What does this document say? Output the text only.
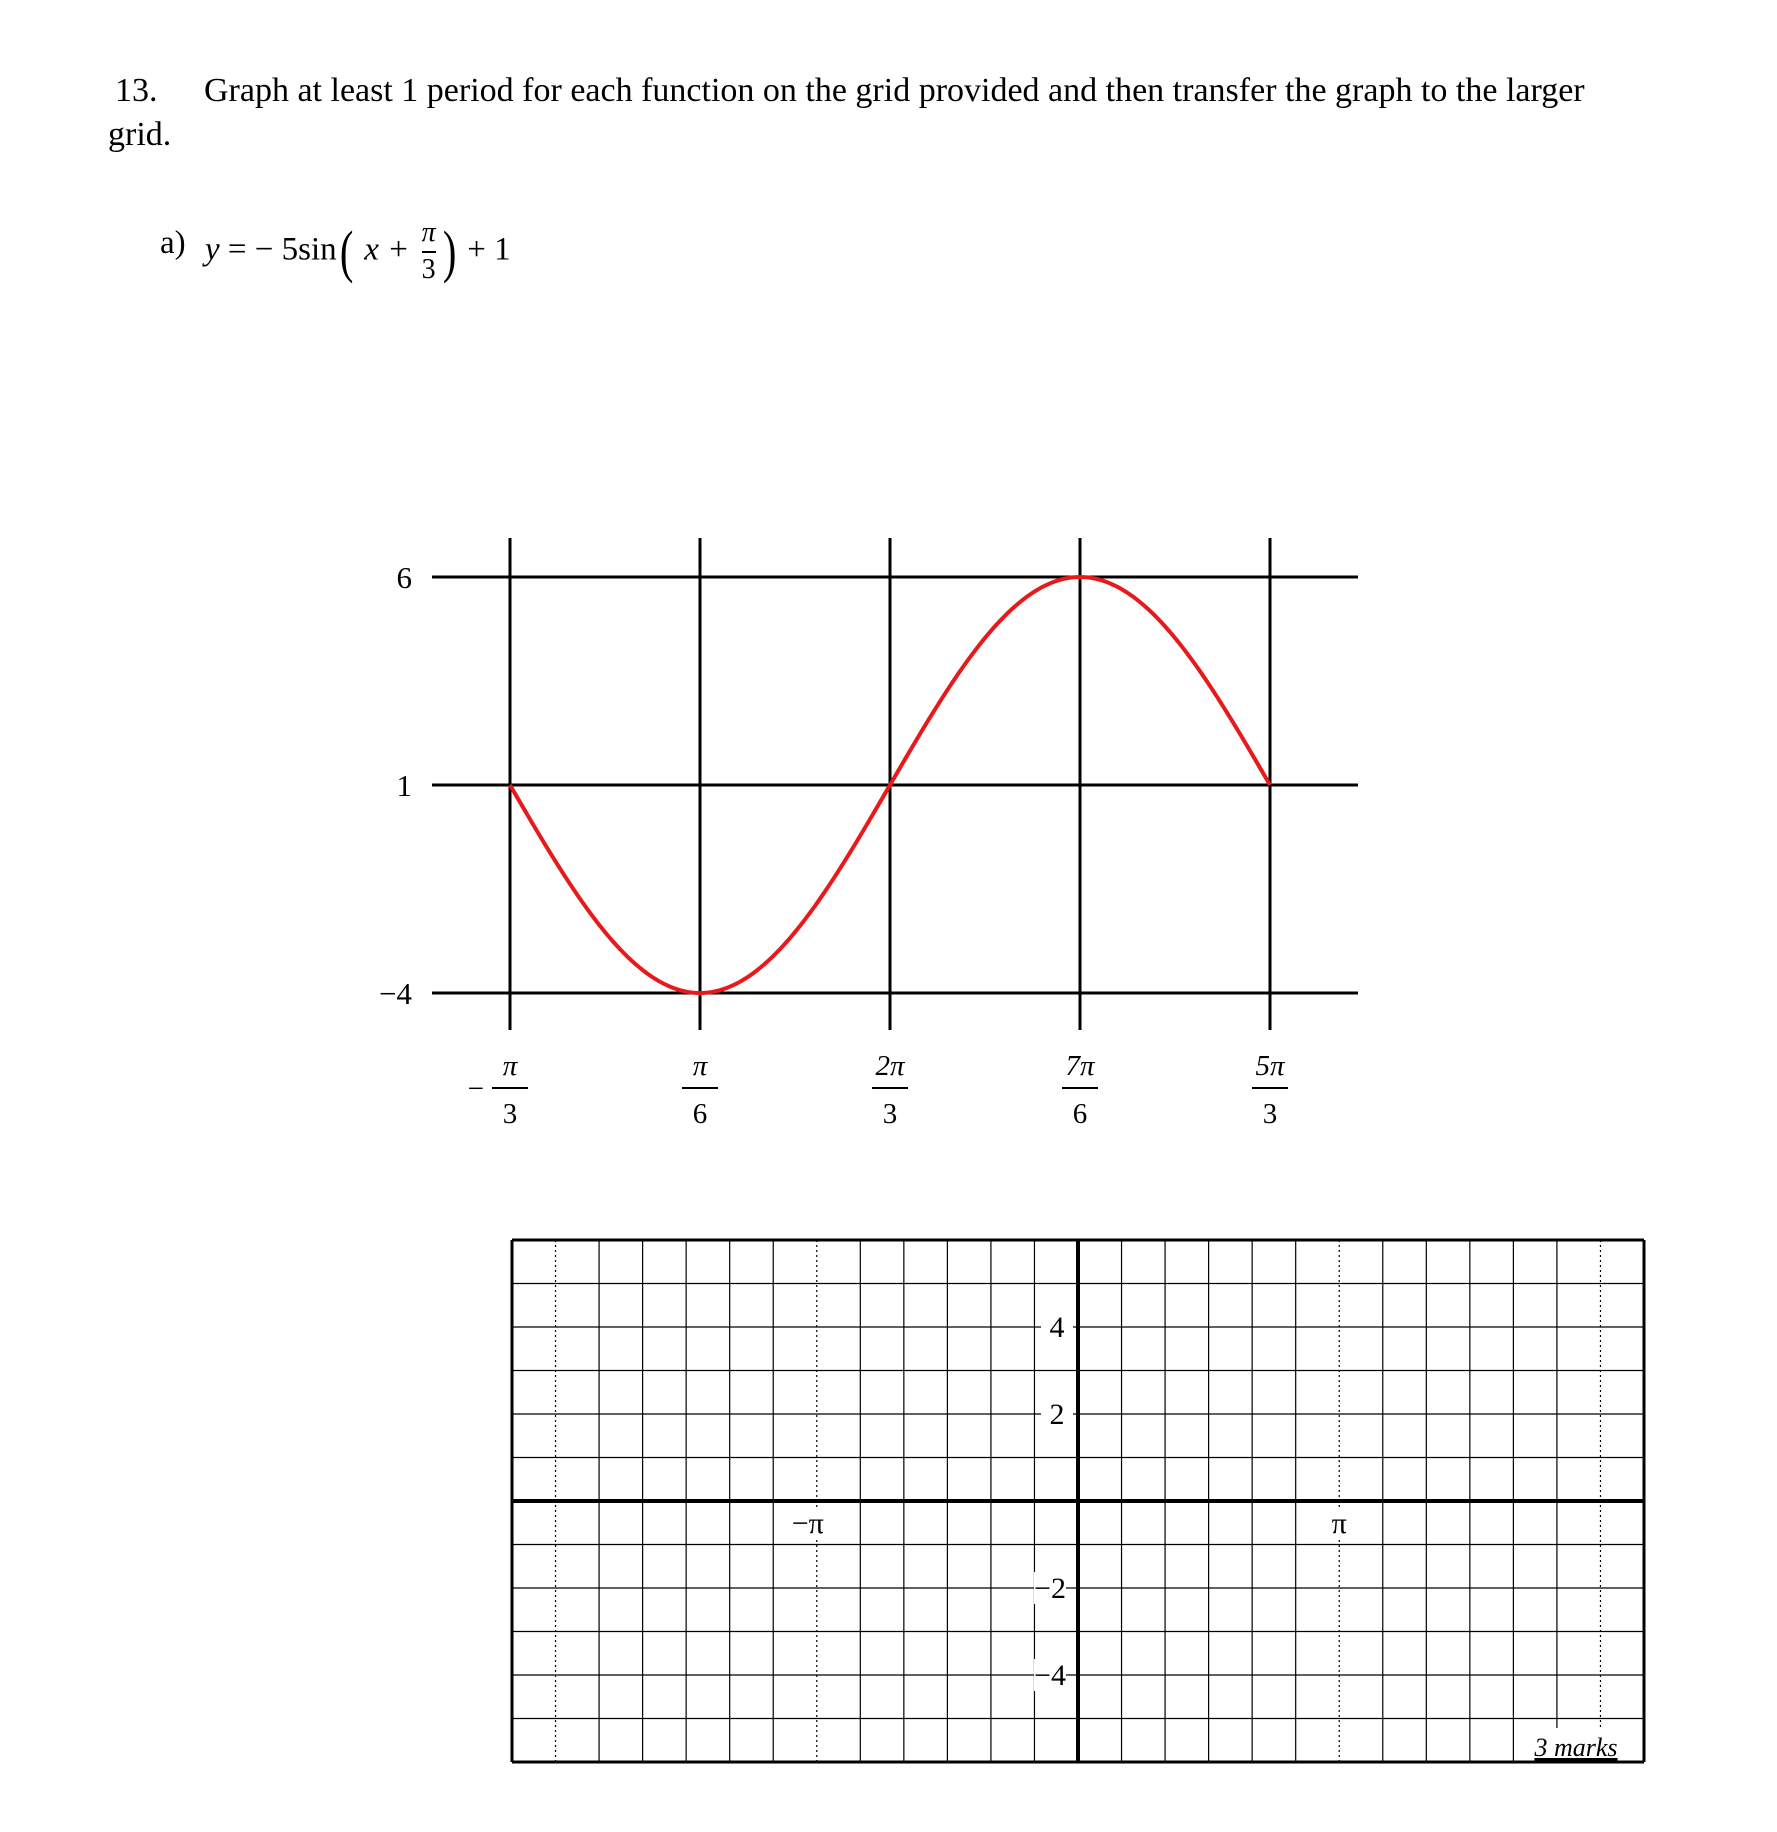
13. Graph at least 1 period for each function on the grid provided and then transfer the graph to the larger
grid.
a) y = − 5sin( $x + \frac{\pi}{3}$ ) + 1
6
1
−4
π
3
−
π
6
2π
3
7π
6
5π
3
4
2
−2
−4
−π	π
3 marks
